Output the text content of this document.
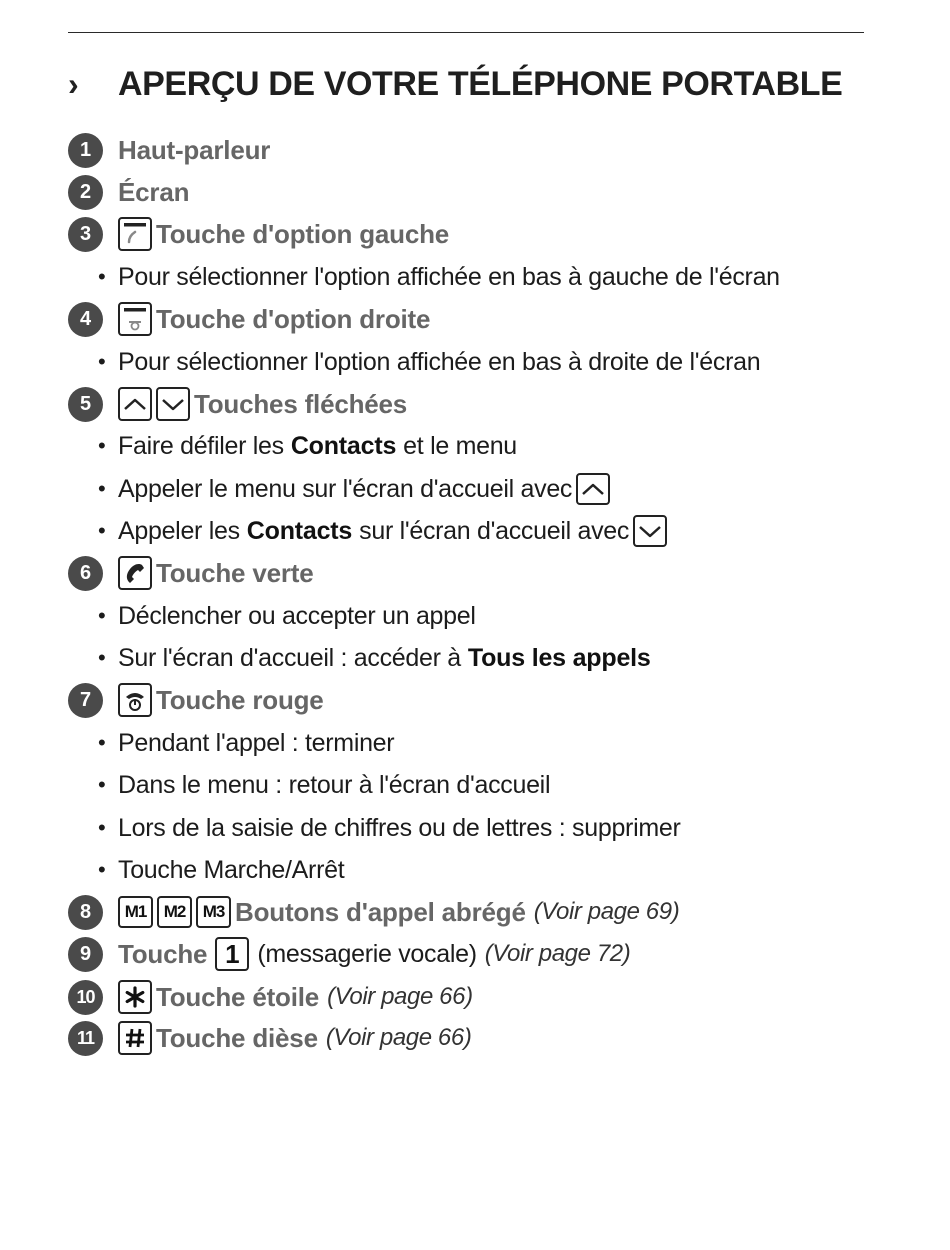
›	APERÇU DE VOTRE TÉLÉPHONE PORTABLE
1	Haut-parleur
2	Écran
3	Touche d'option gauche
• Pour sélectionner l'option affichée en bas à gauche de l'écran
4	Touche d'option droite
• Pour sélectionner l'option affichée en bas à droite de l'écran
5	Touches fléchées
• Faire défiler les Contacts et le menu
• Appeler le menu sur l'écran d'accueil avec
• Appeler les Contacts sur l'écran d'accueil avec
6	Touche verte
• Déclencher ou accepter un appel
• Sur l'écran d'accueil : accéder à Tous les appels
7	Touche rouge
• Pendant l'appel : terminer
• Dans le menu : retour à l'écran d'accueil
• Lors de la saisie de chiffres ou de lettres : supprimer
• Touche Marche/Arrêt
8	M1	M2	M3 Boutons d'appel abrégé (Voir page 69)
9	Touche 1 (messagerie vocale) (Voir page 72)
10	Touche étoile (Voir page 66)
11	Touche dièse (Voir page 66)
